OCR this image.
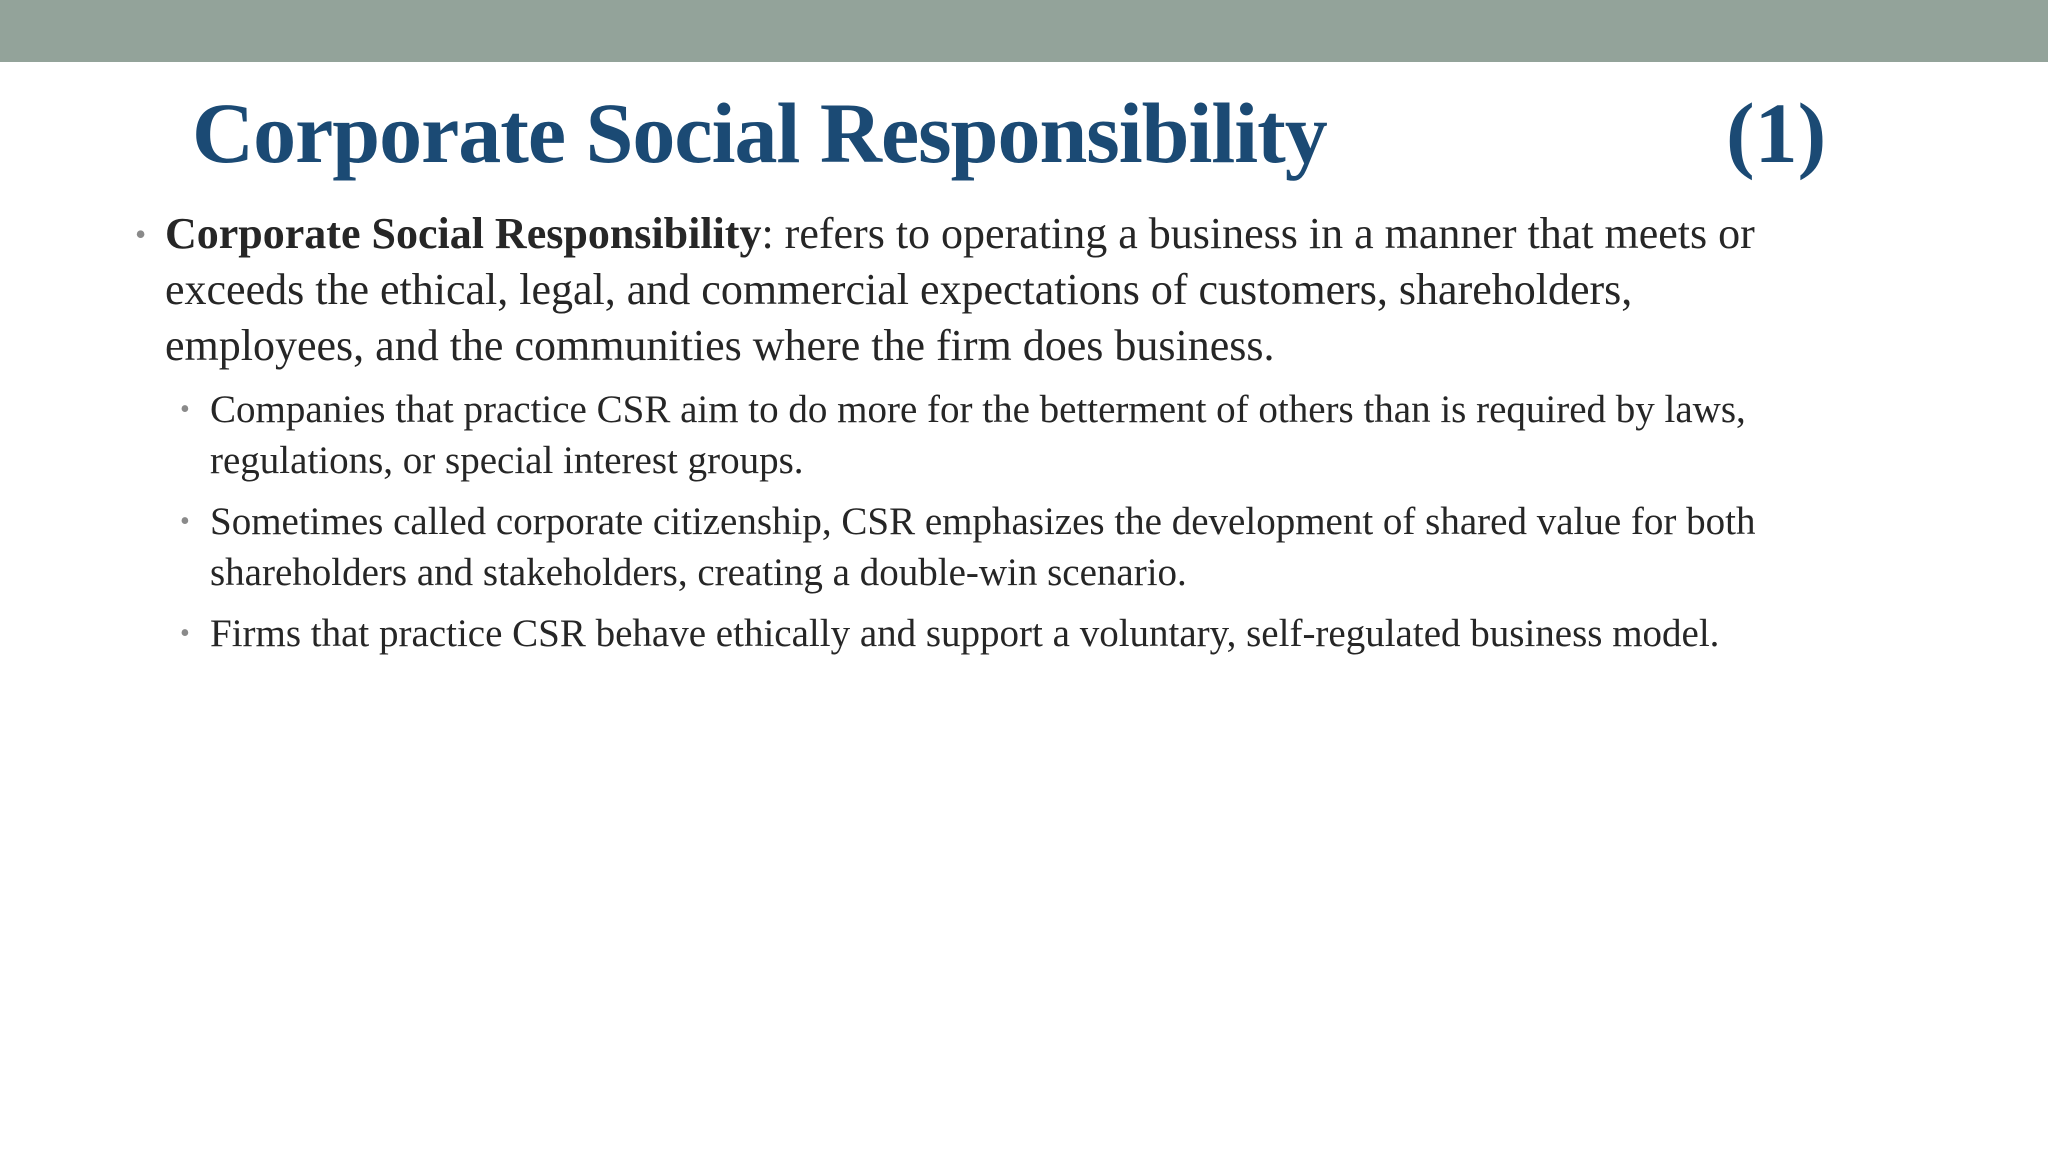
Corporate Social Responsibility	(1)
• Corporate Social Responsibility: refers to operating a business in a manner that meets or exceeds the ethical, legal, and commercial expectations of customers, shareholders, employees, and the communities where the firm does business.
• Companies that practice CSR aim to do more for the betterment of others than is required by laws, regulations, or special interest groups.
• Sometimes called corporate citizenship, CSR emphasizes the development of shared value for both shareholders and stakeholders, creating a double-win scenario.
• Firms that practice CSR behave ethically and support a voluntary, self-regulated business model.
